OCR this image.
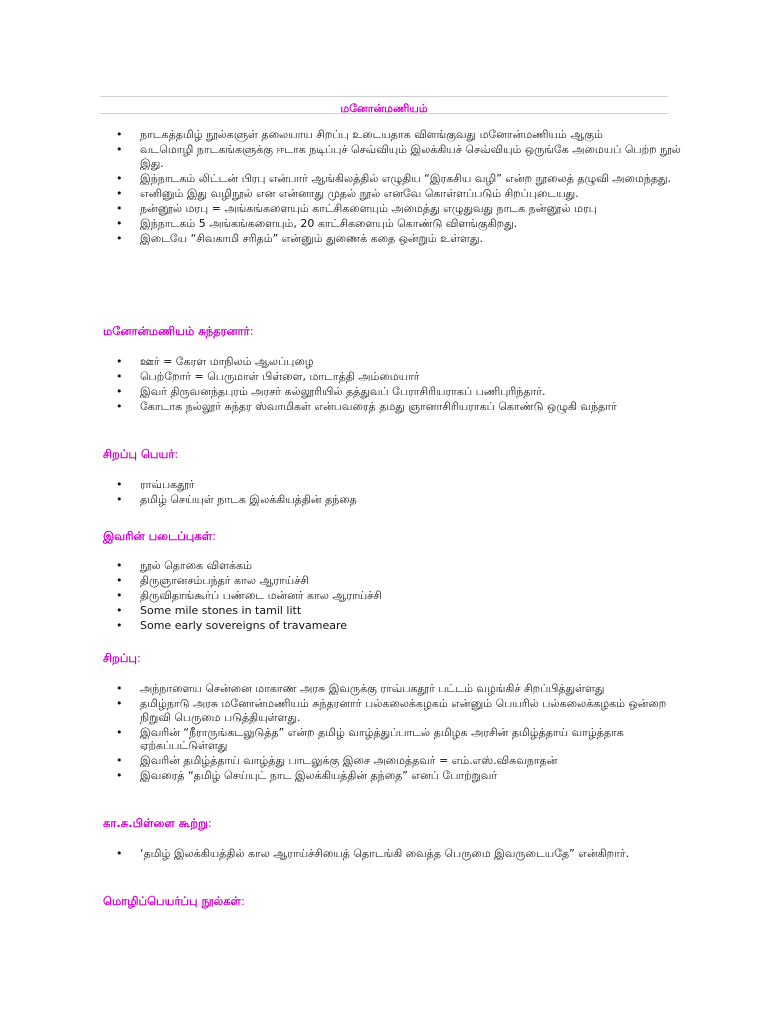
மனோன்மணியம்
• நாடகத்தமிழ் நூல்களுள் தலையாய சிறப்பு உடையதாக விளங்குவது மனோன்மணியம் ஆகும்
• வடமொழி நாடகங்களுக்கு ஈடாக நடிப்புச் செவ்வியும் இலக்கியச் செவ்வியும் ஒருங்கே அமையப் பெற்ற நூல் இது.
• இந்நாடகம் லிட்டன் பிரபு என்பார் ஆங்கிலத்தில் எழுதிய “இரகசிய வழி” என்ற நூலைத் தழுவி அமைந்தது.
• எனினும் இது வழிநூல் என என்னாது முதல் நூல் எனவே கொள்ளப்படும் சிறப்புடையது.
• நன்னூல் மரபு = அங்கங்களையும் காட்சிகளையும் அமைத்து எழுதுவது நாடக நன்னூல் மரபு
• இந்நாடகம் 5 அங்கங்களையும், 20 காட்சிகளையும் கொண்டு விளங்குகிறது.
• இடையே “சிவகாமி சரிதம்” என்னும் துணைக் கதை ஒன்றும் உள்ளது.
மனோன்மணியம் சுந்தரனார்:
• ஊர் = கேரள மாநிலம் ஆலப்புழை
• பெற்றோர் = பெருமாள் பிள்ளை, மாடாத்தி அம்மையார்
• இவர் திருவனந்தபுரம் அரசர் கல்லூரியில் தத்துவப் பேராசிரியராகப் பணிபுரிந்தார்.
• கோடாக நல்லூர் சுந்தர ஸ்வாமிகள் என்பவரைத் தமது ஞானாசிரியராகப் கொண்டு ஒழுகி வந்தார்
சிறப்பு பெயர்:
• ராவ்பகதூர்
• தமிழ் செய்யுள் நாடக இலக்கியத்தின் தந்தை
இவரின் படைப்புகள்:
• நூல் தொகை விளக்கம்
• திருஞானசம்பந்தர் கால ஆராய்ச்சி
• திருவிதாங்கூர்ப் பண்டை மன்னர் கால ஆராய்ச்சி
• Some mile stones in tamil litt
• Some early sovereigns of travameare
சிறப்பு:
• அந்நாளைய சென்னை மாகாண அரசு இவருக்கு ராவ்பகதூர் பட்டம் வழங்கிச் சிறப்பித்துள்ளது
• தமிழ்நாடு அரசு மனோன்மணியம் சுந்தரனார் பல்கலைக்கழகம் என்னும் பெயரில் பல்கலைக்கழகம் ஒன்றை நிறுவி பெருமை படுத்தியுள்ளது.
• இவரின் “நீராருங்கடலுடுத்த” என்ற தமிழ் வாழ்த்துப்பாடல் தமிழக அரசின் தமிழ்த்தாய் வாழ்த்தாக ஏற்கப்பட்டுள்ளது
• இவரின் தமிழ்த்தாய் வாழ்த்து பாடலுக்கு இசை அமைத்தவர் = எம்.எஸ்.விசுவநாதன்
• இவரைத் “தமிழ் செய்யுட் நாட இலக்கியத்தின் தந்தை” எனப் போற்றுவர்
கா.சு.பிள்ளை கூற்று:
• ‘தமிழ் இலக்கியத்தில் கால ஆராய்ச்சியைத் தொடங்கி வைத்த பெருமை இவருடையதே” என்கிறார்.
மொழிப்பெயர்ப்பு நூல்கள்:
